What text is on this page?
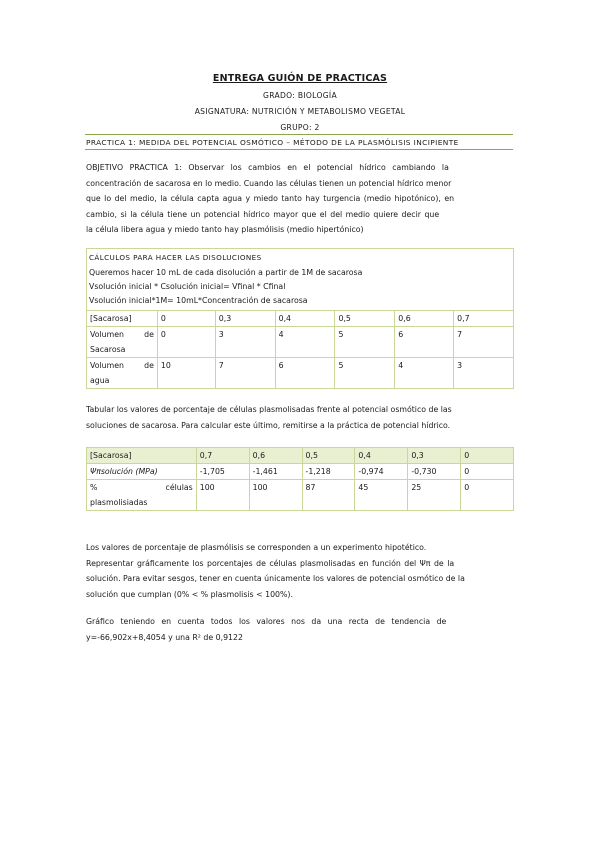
ENTREGA GUIÓN DE PRACTICAS
GRADO: BIOLOGÍA
ASIGNATURA: NUTRICIÓN Y METABOLISMO VEGETAL
GRUPO: 2
PRACTICA 1: MEDIDA DEL POTENCIAL OSMÓTICO – MÉTODO DE LA PLASMÓLISIS INCIPIENTE
OBJETIVO PRACTICA 1: Observar los cambios en el potencial hídrico cambiando la
concentración de sacarosa en lo medio. Cuando las células tienen un potencial hídrico menor
que lo del medio, la célula capta agua y miedo tanto hay turgencia (medio hipotónico), en
cambio, si la célula tiene un potencial hídrico mayor que el del medio quiere decir que
la célula libera agua y miedo tanto hay plasmólisis (medio hipertónico)
CÁLCULOS PARA HACER LAS DISOLUCIONES
Queremos hacer 10 mL de cada disolución a partir de 1M de sacarosa
Vsolución inicial * Csolución inicial= Vfinal * Cfinal
Vsolución inicial*1M= 10mL*Concentración de sacarosa
[Sacarosa]	0	0,3	0,4	0,5	0,6	0,7

Volumen de
Sacarosa	0	3	4	5	6	7

Volumen de
agua	10	7	6	5	4	3
Tabular los valores de porcentaje de células plasmolisadas frente al potencial osmótico de las
soluciones de sacarosa. Para calcular este último, remitirse a la práctica de potencial hídrico.
[Sacarosa]	0,7	0,6	0,5	0,4	0,3	0
Ψπsolución (MPa)	-1,705	-1,461	-1,218	-0,974	-0,730	0

% células
plasmolisiadas	100	100	87	45	25	0
Los valores de porcentaje de plasmólisis se corresponden a un experimento hipotético.
Representar gráficamente los porcentajes de células plasmolisadas en función del Ψπ de la
solución. Para evitar sesgos, tener en cuenta únicamente los valores de potencial osmótico de la
solución que cumplan (0% < % plasmolisis < 100%).
Gráfico teniendo en cuenta todos los valores nos da una recta de tendencia de
y=-66,902x+8,4054 y una R² de 0,9122
